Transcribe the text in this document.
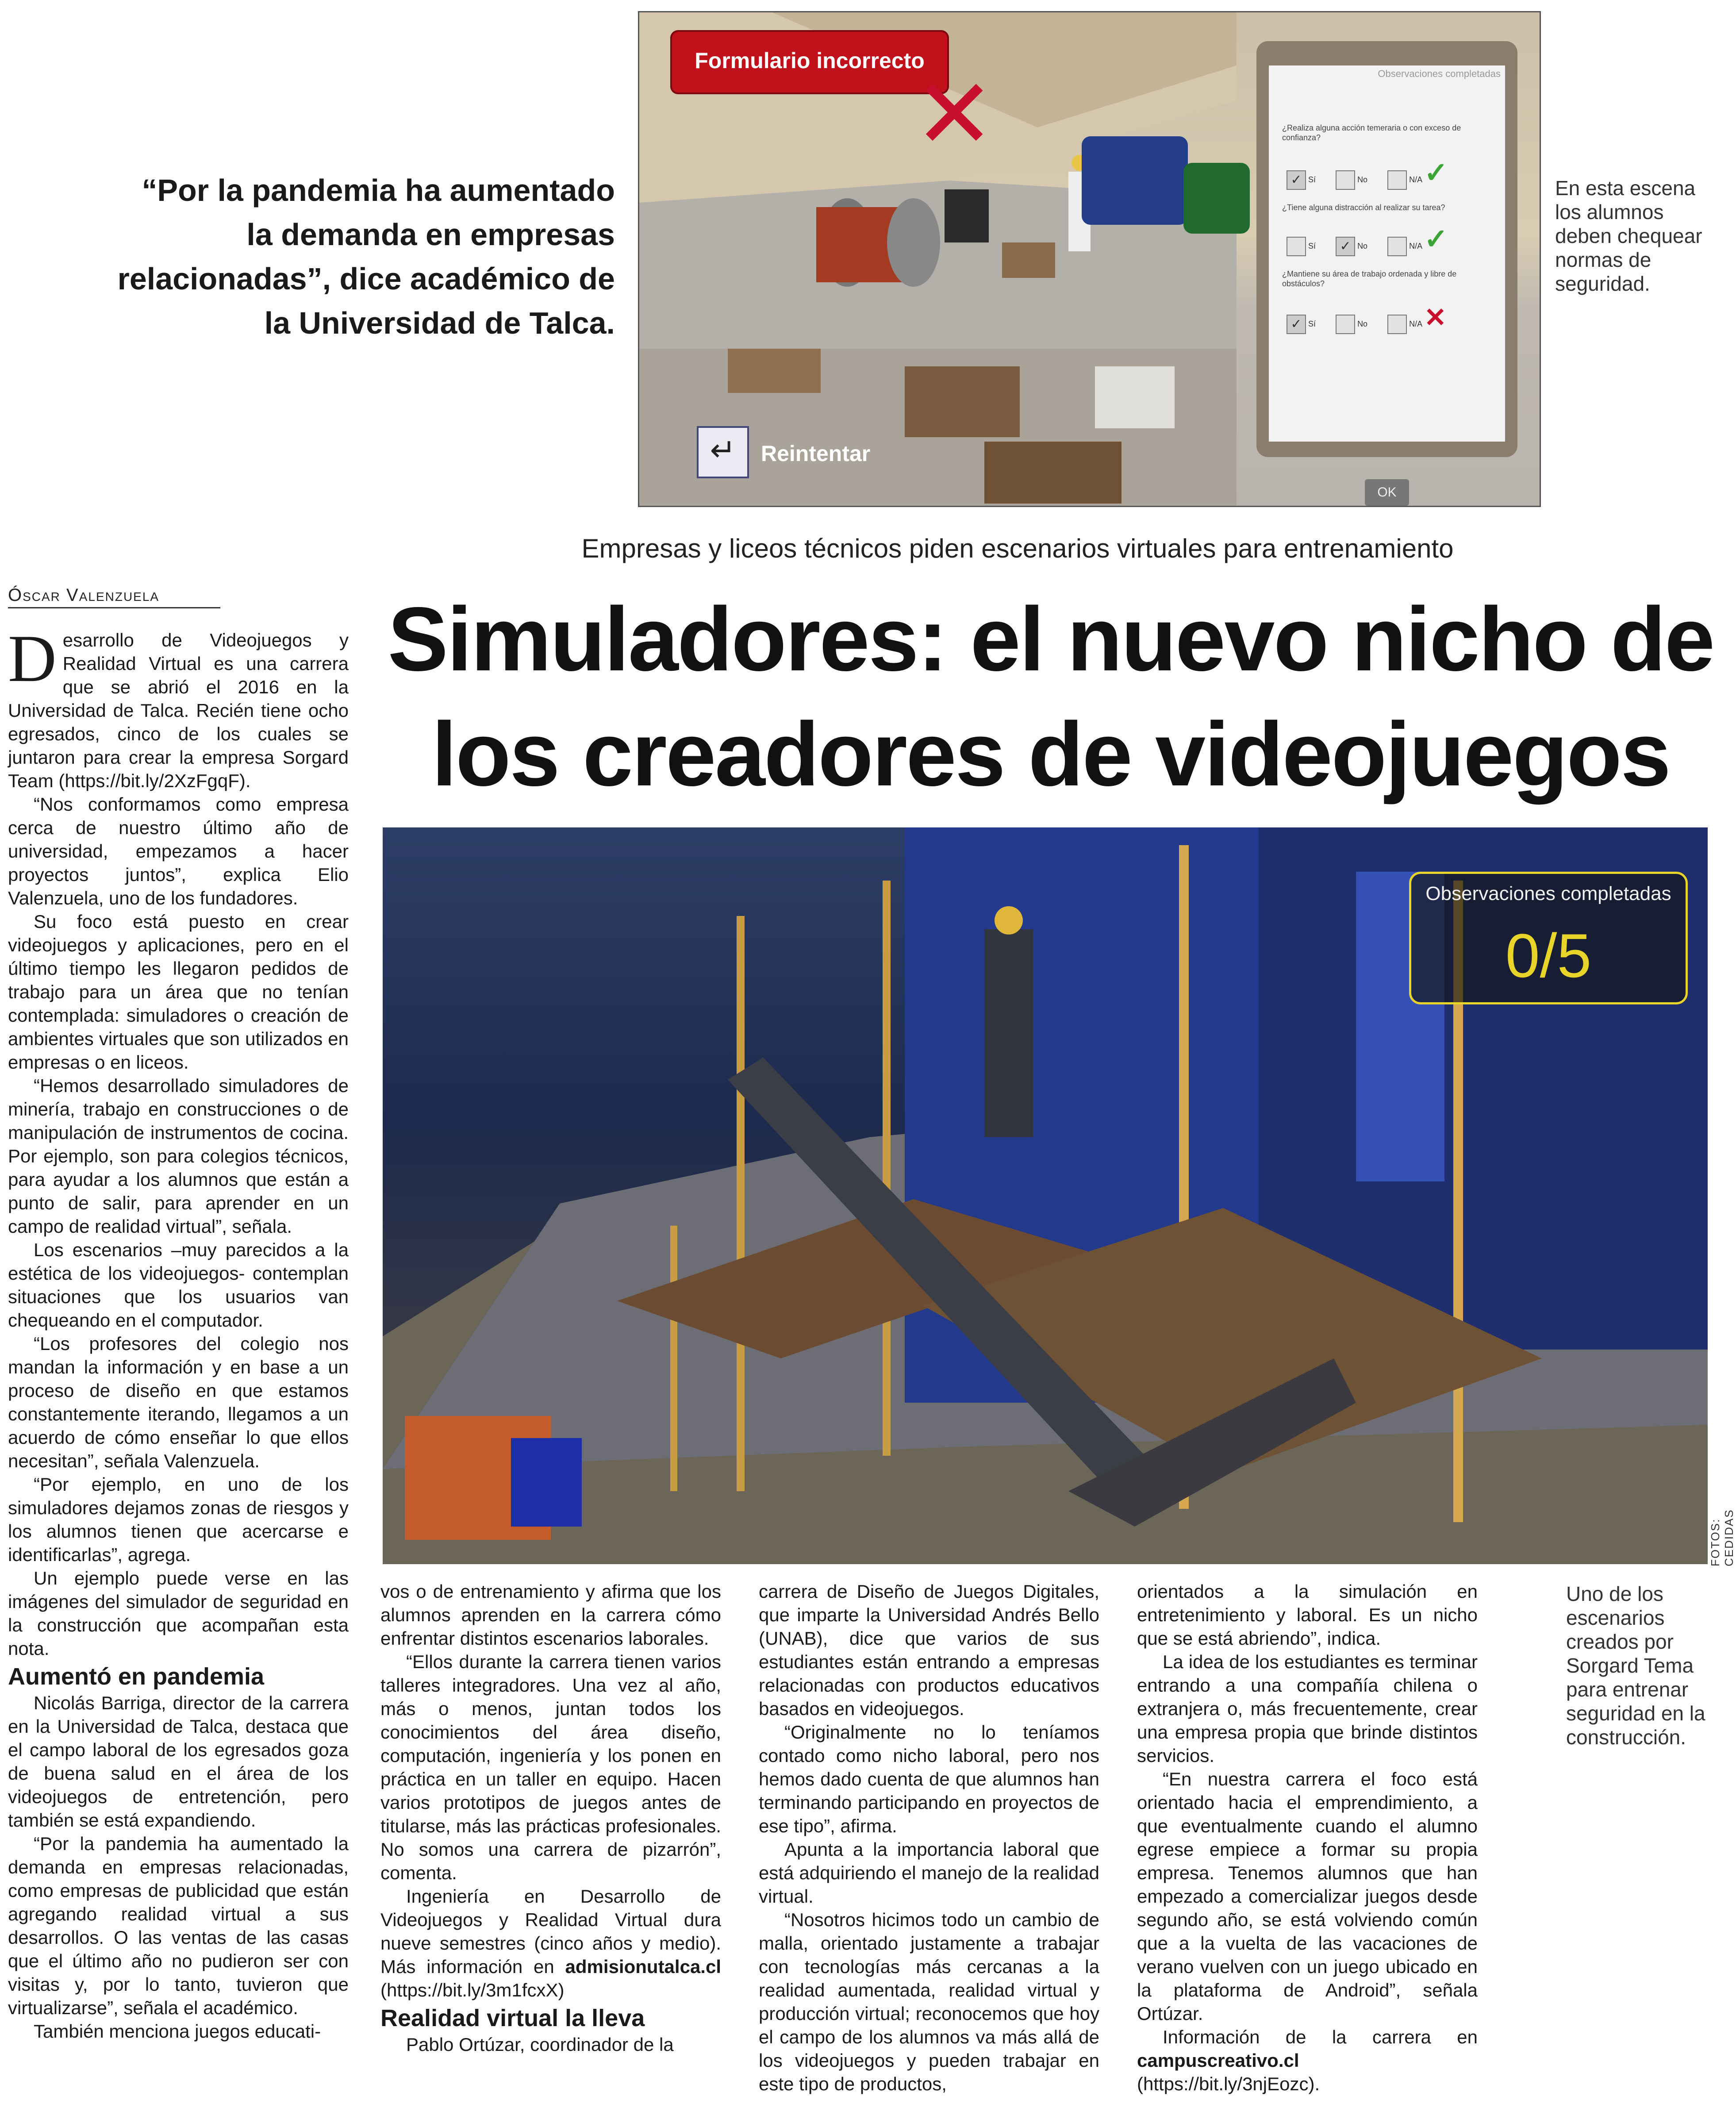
“Por la pandemia ha aumentado

la demanda en empresas

relacionadas”, dice académico de

la Universidad de Talca.

Formulario incorrecto
✕	Observaciones completadas
¿Realiza alguna acción temeraria o con exceso de confianza?
✓ Sí	No	N/A ✓
¿Tiene alguna distracción al realizar su tarea?
Sí ✓ No	N/A ✓
¿Mantiene su área de trabajo ordenada y libre de obstáculos?
✓ Sí	No	N/A ✕
OK
↵	Reintentar

En esta escena

los alumnos

deben chequear

normas de

seguridad.

Empresas y liceos técnicos piden escenarios virtuales para entrenamiento

Simuladores: el nuevo nicho de

los creadores de videojuegos

Óscar Valenzuela

Desarrollo de Videojuegos y Realidad Virtual es una carrera que se abrió el 2016 en la Universidad de Talca. Recién tiene ocho egresados, cinco de los cuales se juntaron para crear la empresa Sorgard Team (https://bit.ly/2XzFgqF).

“Nos conformamos como empresa cerca de nuestro último año de universidad, empezamos a hacer proyectos juntos”, explica Elio Valenzuela, uno de los fundadores.

Su foco está puesto en crear videojuegos y aplicaciones, pero en el último tiempo les llegaron pedidos de trabajo para un área que no tenían contemplada: simuladores o creación de ambientes virtuales que son utilizados en empresas o en liceos.

“Hemos desarrollado simuladores de minería, trabajo en construcciones o de manipulación de instrumentos de cocina. Por ejemplo, son para colegios técnicos, para ayudar a los alumnos que están a punto de salir, para aprender en un campo de realidad virtual”, señala.

Los escenarios –muy parecidos a la estética de los videojuegos- contemplan situaciones que los usuarios van chequeando en el computador.

“Los profesores del colegio nos mandan la información y en base a un proceso de diseño en que estamos constantemente iterando, llegamos a un acuerdo de cómo enseñar lo que ellos necesitan”, señala Valenzuela.

“Por ejemplo, en uno de los simuladores dejamos zonas de riesgos y los alumnos tienen que acercarse e identificarlas”, agrega.

Un ejemplo puede verse en las imágenes del simulador de seguridad en la construcción que acompañan esta nota.

Aumentó en pandemia

Nicolás Barriga, director de la carrera en la Universidad de Talca, destaca que el campo laboral de los egresados goza de buena salud en el área de los videojuegos de entretención, pero también se está expandiendo.

“Por la pandemia ha aumentado la demanda en empresas relacionadas, como empresas de publicidad que están agregando realidad virtual a sus desarrollos. O las ventas de las casas que el último año no pudieron ser con visitas y, por lo tanto, tuvieron que virtualizarse”, señala el académico.

También menciona juegos educati-

Observaciones completadas
0/5
FOTOS: CEDIDAS

vos o de entrenamiento y afirma que los alumnos aprenden en la carrera cómo enfrentar distintos escenarios laborales.

“Ellos durante la carrera tienen varios talleres integradores. Una vez al año, más o menos, juntan todos los conocimientos del área diseño, computación, ingeniería y los ponen en práctica en un taller en equipo. Hacen varios prototipos de juegos antes de titularse, más las prácticas profesionales. No somos una carrera de pizarrón”, comenta.

Ingeniería en Desarrollo de Videojuegos y Realidad Virtual dura nueve semestres (cinco años y medio). Más información en admisionutalca.cl (https://bit.ly/3m1fcxX)

Realidad virtual la lleva

Pablo Ortúzar, coordinador de la

carrera de Diseño de Juegos Digitales, que imparte la Universidad Andrés Bello (UNAB), dice que varios de sus estudiantes están entrando a empresas relacionadas con productos educativos basados en videojuegos.

“Originalmente no lo teníamos contado como nicho laboral, pero nos hemos dado cuenta de que alumnos han terminando participando en proyectos de ese tipo”, afirma.

Apunta a la importancia laboral que está adquiriendo el manejo de la realidad virtual.

“Nosotros hicimos todo un cambio de malla, orientado justamente a trabajar con tecnologías más cercanas a la realidad aumentada, realidad virtual y producción virtual; reconocemos que hoy el campo de los alumnos va más allá de los videojuegos y pueden trabajar en este tipo de productos,

orientados a la simulación en entretenimiento y laboral. Es un nicho que se está abriendo”, indica.

La idea de los estudiantes es terminar entrando a una compañía chilena o extranjera o, más frecuentemente, crear una empresa propia que brinde distintos servicios.

“En nuestra carrera el foco está orientado hacia el emprendimiento, a que eventualmente cuando el alumno egrese empiece a formar su propia empresa. Tenemos alumnos que han empezado a comercializar juegos desde segundo año, se está volviendo común que a la vuelta de las vacaciones de verano vuelven con un juego ubicado en la plataforma de Android”, señala Ortúzar.

Información de la carrera en campuscreativo.cl (https://bit.ly/3njEozc).

Uno de los

escenarios

creados por

Sorgard Tema

para entrenar

seguridad en la

construcción.
